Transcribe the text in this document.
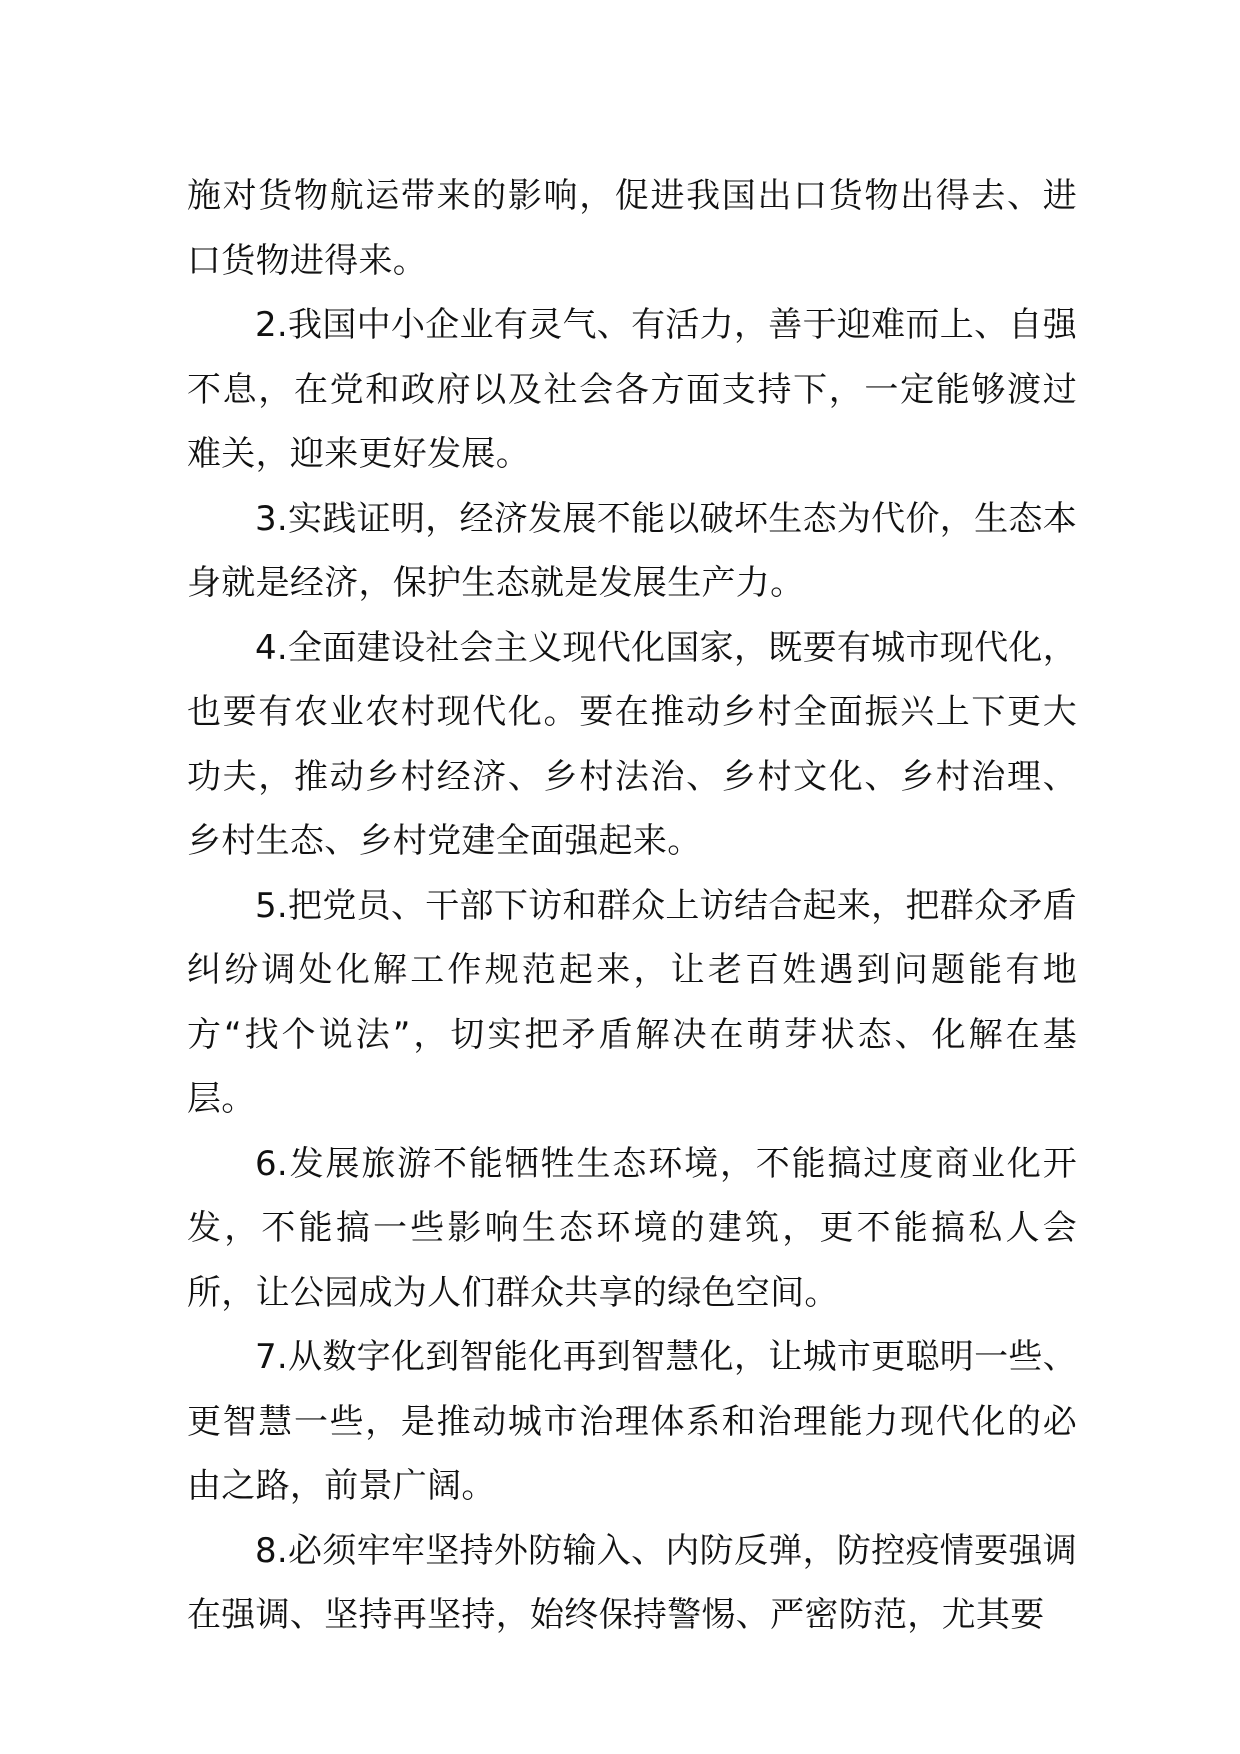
施对货物航运带来的影响，促进我国出口货物出得去、进口货物进得来。

2.我国中小企业有灵气、有活力，善于迎难而上、自强不息，在党和政府以及社会各方面支持下，一定能够渡过难关，迎来更好发展。

3.实践证明，经济发展不能以破坏生态为代价，生态本身就是经济，保护生态就是发展生产力。

4.全面建设社会主义现代化国家，既要有城市现代化，也要有农业农村现代化。要在推动乡村全面振兴上下更大功夫，推动乡村经济、乡村法治、乡村文化、乡村治理、乡村生态、乡村党建全面强起来。

5.把党员、干部下访和群众上访结合起来，把群众矛盾纠纷调处化解工作规范起来，让老百姓遇到问题能有地方“找个说法”，切实把矛盾解决在萌芽状态、化解在基层。

6.发展旅游不能牺牲生态环境，不能搞过度商业化开发，不能搞一些影响生态环境的建筑，更不能搞私人会所，让公园成为人们群众共享的绿色空间。

7.从数字化到智能化再到智慧化，让城市更聪明一些、更智慧一些，是推动城市治理体系和治理能力现代化的必由之路，前景广阔。

8.必须牢牢坚持外防输入、内防反弹，防控疫情要强调在强调、坚持再坚持，始终保持警惕、严密防范，尤其要
